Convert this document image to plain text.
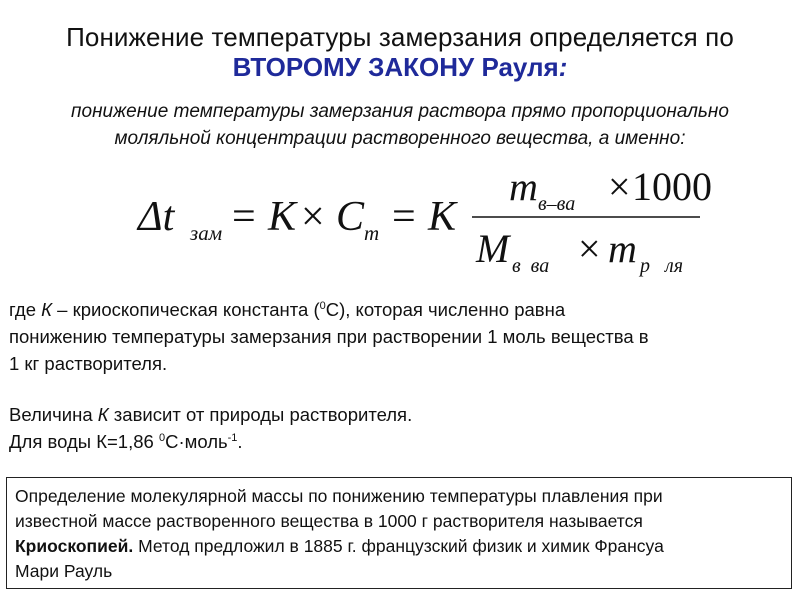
Понижение температуры замерзания определяется по
ВТОРОМУ ЗАКОНУ Рауля:
понижение температуры замерзания раствора прямо пропорционально
моляльной концентрации растворенного вещества, а именно:
Δt зам = K × C m = K
m в–ва × 1000
M в  ва × m р   ля

где К – криоскопическая константа ($^0$С), которая численно равна

понижению температуры замерзания при растворении 1 моль вещества в

1 кг растворителя.

Величина К зависит от природы растворителя.

Для воды К=1,86 $^0$С·моль$^{-1}$.

Определение молекулярной массы по понижению температуры плавления при
известной массе растворенного вещества в 1000 г растворителя называется
Криоскопией. Метод предложил в 1885 г. французский физик и химик Франсуа
Мари Рауль
